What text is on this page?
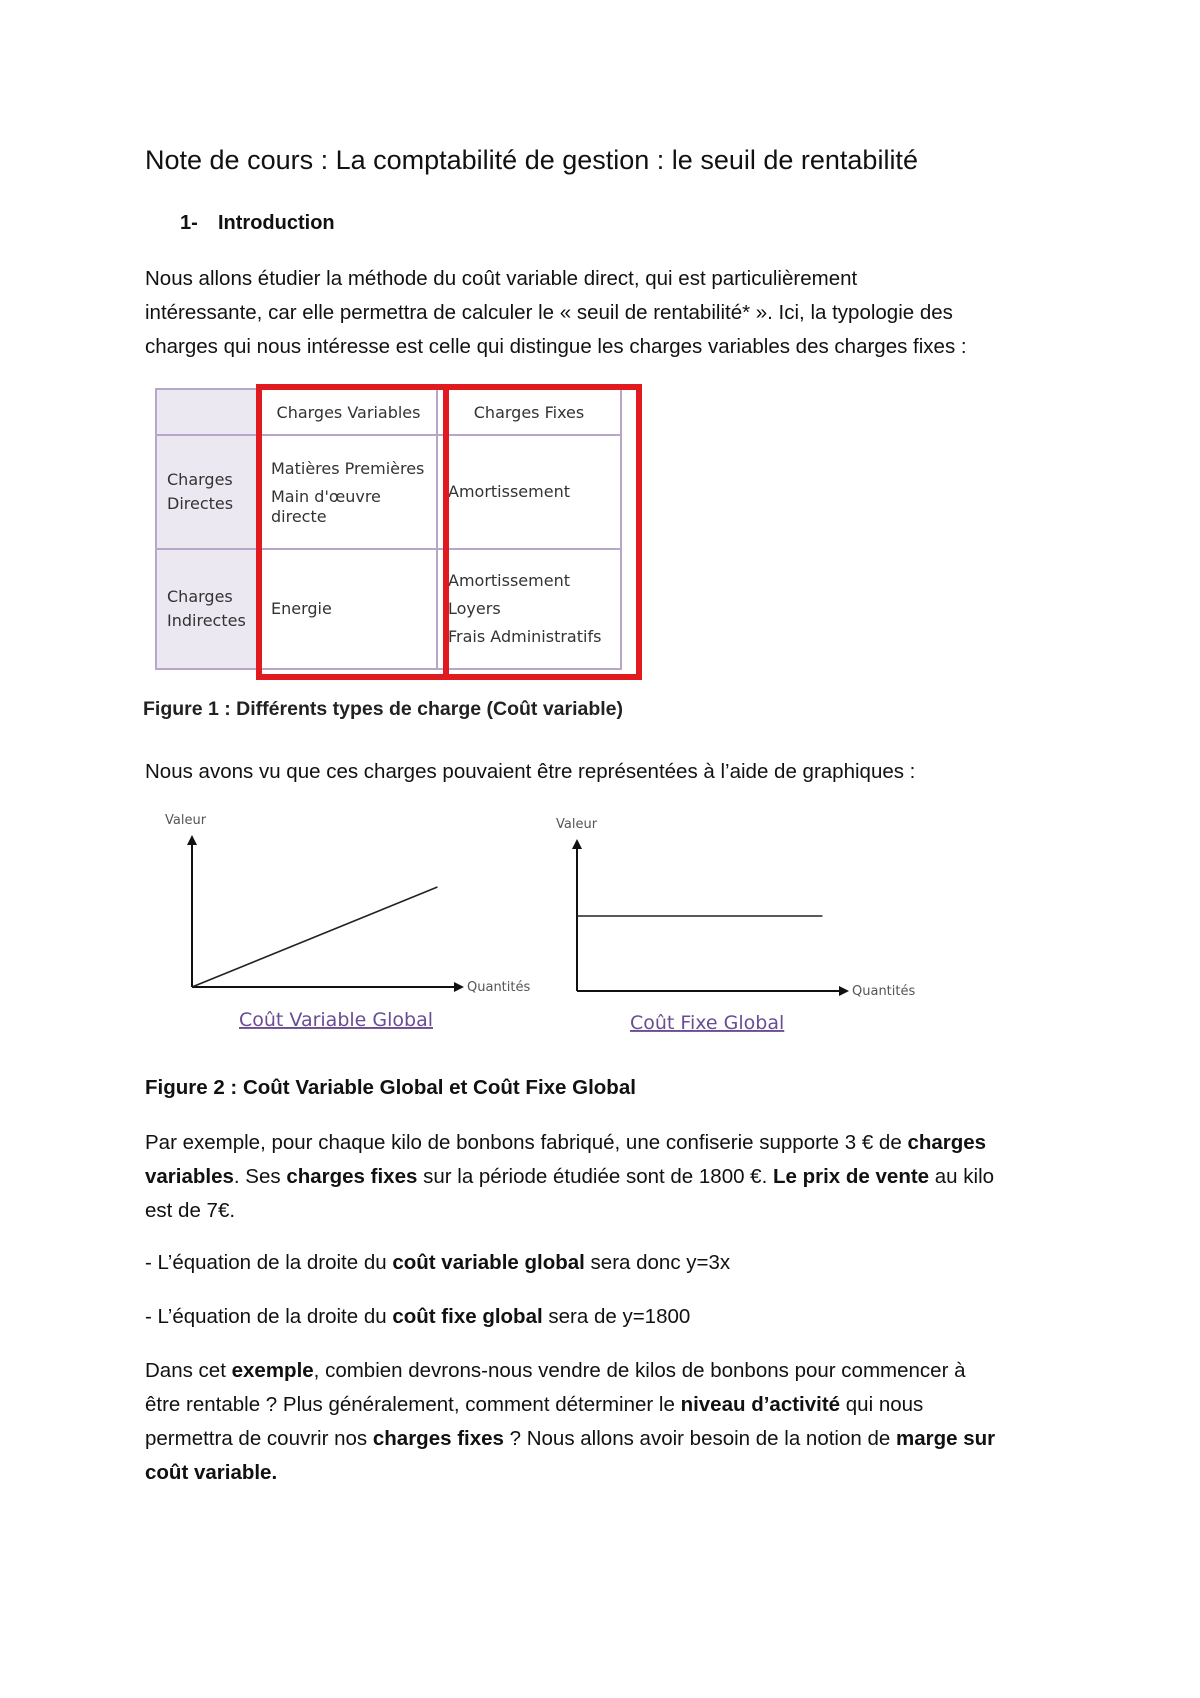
Note de cours : La comptabilité de gestion : le seuil de rentabilité
1- Introduction
Nous allons étudier la méthode du coût variable direct, qui est particulièrement
intéressante, car elle permettra de calculer le « seuil de rentabilité* ». Ici, la typologie des
charges qui nous intéresse est celle qui distingue les charges variables des charges fixes :
	Charges Variables	Charges Fixes

Charges
Directes	Matières Premières
Main d'œuvre
directe	Amortissement

Charges
Indirectes	Energie	Amortissement
Loyers
Frais Administratifs
Figure 1 : Différents types de charge (Coût variable)
Nous avons vu que ces charges pouvaient être représentées à l’aide de graphiques :
Valeur
Quantités
Coût Variable Global
Valeur
Quantités
Coût Fixe Global
Figure 2 : Coût Variable Global et Coût Fixe Global
Par exemple, pour chaque kilo de bonbons fabriqué, une confiserie supporte 3 € de charges
variables. Ses charges fixes sur la période étudiée sont de 1800 €. Le prix de vente au kilo
est de 7€.
- L’équation de la droite du coût variable global sera donc y=3x
- L’équation de la droite du coût fixe global sera de y=1800
Dans cet exemple, combien devrons-nous vendre de kilos de bonbons pour commencer à
être rentable ? Plus généralement, comment déterminer le niveau d’activité qui nous
permettra de couvrir nos charges fixes ? Nous allons avoir besoin de la notion de marge sur
coût variable.
